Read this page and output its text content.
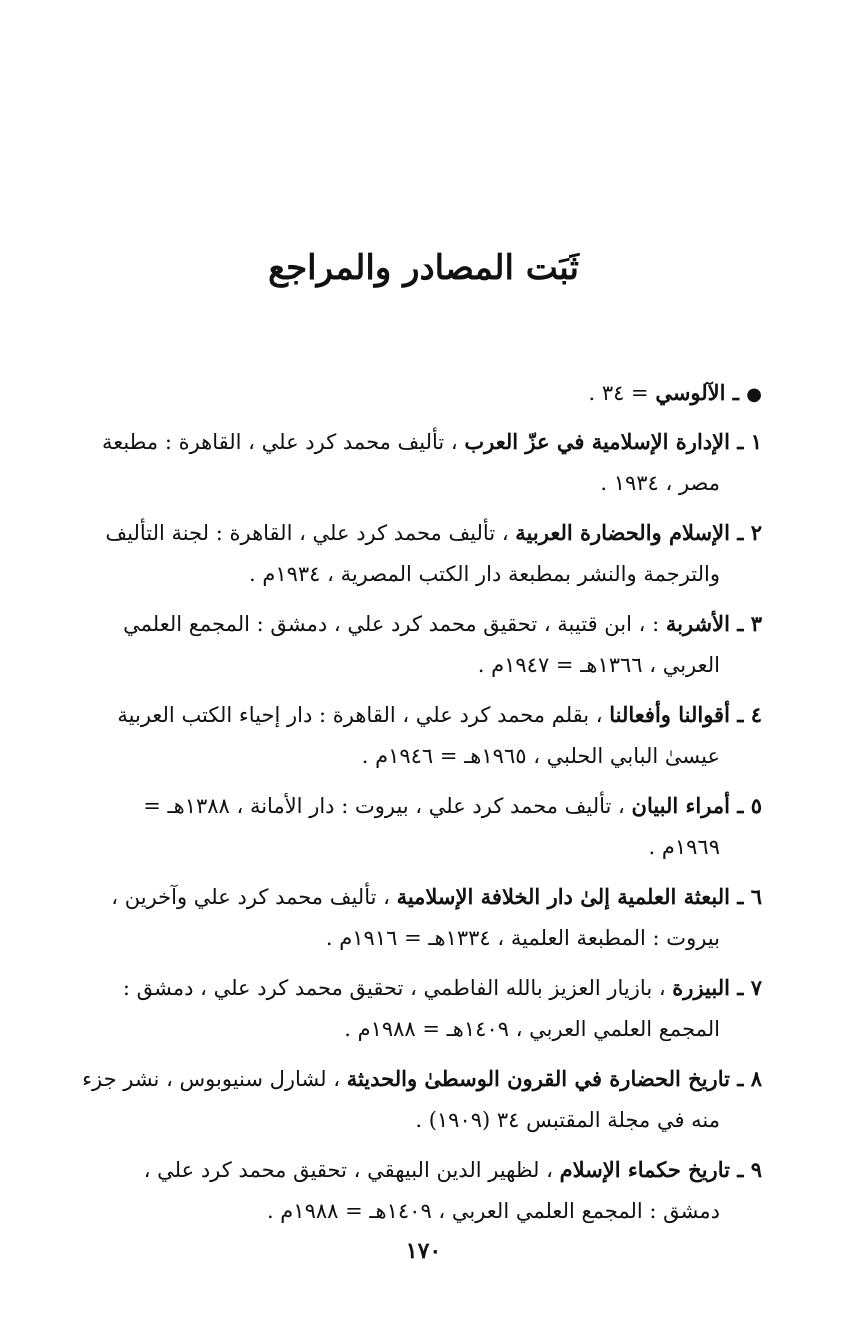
ثَبَت المصادر والمراجع
● ـ الآلوسي = ٣٤ .
١ ـ الإدارة الإسلامية في عزّ العرب ، تأليف محمد كرد علي ، القاهرة : مطبعة
مصر ، ١٩٣٤ .
٢ ـ الإسلام والحضارة العربية ، تأليف محمد كرد علي ، القاهرة : لجنة التأليف
والترجمة والنشر بمطبعة دار الكتب المصرية ، ١٩٣٤م .
٣ ـ الأشربة : ، ابن قتيبة ، تحقيق محمد كرد علي ، دمشق : المجمع العلمي
العربي ، ١٣٦٦هـ = ١٩٤٧م .
٤ ـ أقوالنا وأفعالنا ، بقلم محمد كرد علي ، القاهرة : دار إحياء الكتب العربية
عيسىٰ البابي الحلبي ، ١٩٦٥هـ = ١٩٤٦م .
٥ ـ أمراء البيان ، تأليف محمد كرد علي ، بيروت : دار الأمانة ، ١٣٨٨هـ =
١٩٦٩م .
٦ ـ البعثة العلمية إلىٰ دار الخلافة الإسلامية ، تأليف محمد كرد علي وآخرين ،
بيروت : المطبعة العلمية ، ١٣٣٤هـ = ١٩١٦م .
٧ ـ البيزرة ، بازيار العزيز بالله الفاطمي ، تحقيق محمد كرد علي ، دمشق :
المجمع العلمي العربي ، ١٤٠٩هـ = ١٩٨٨م .
٨ ـ تاريخ الحضارة في القرون الوسطىٰ والحديثة ، لشارل سنيوبوس ، نشر جزء
منه في مجلة المقتبس ٣٤ (١٩٠٩) .
٩ ـ تاريخ حكماء الإسلام ، لظهير الدين البيهقي ، تحقيق محمد كرد علي ،
دمشق : المجمع العلمي العربي ، ١٤٠٩هـ = ١٩٨٨م .
١٧٠
